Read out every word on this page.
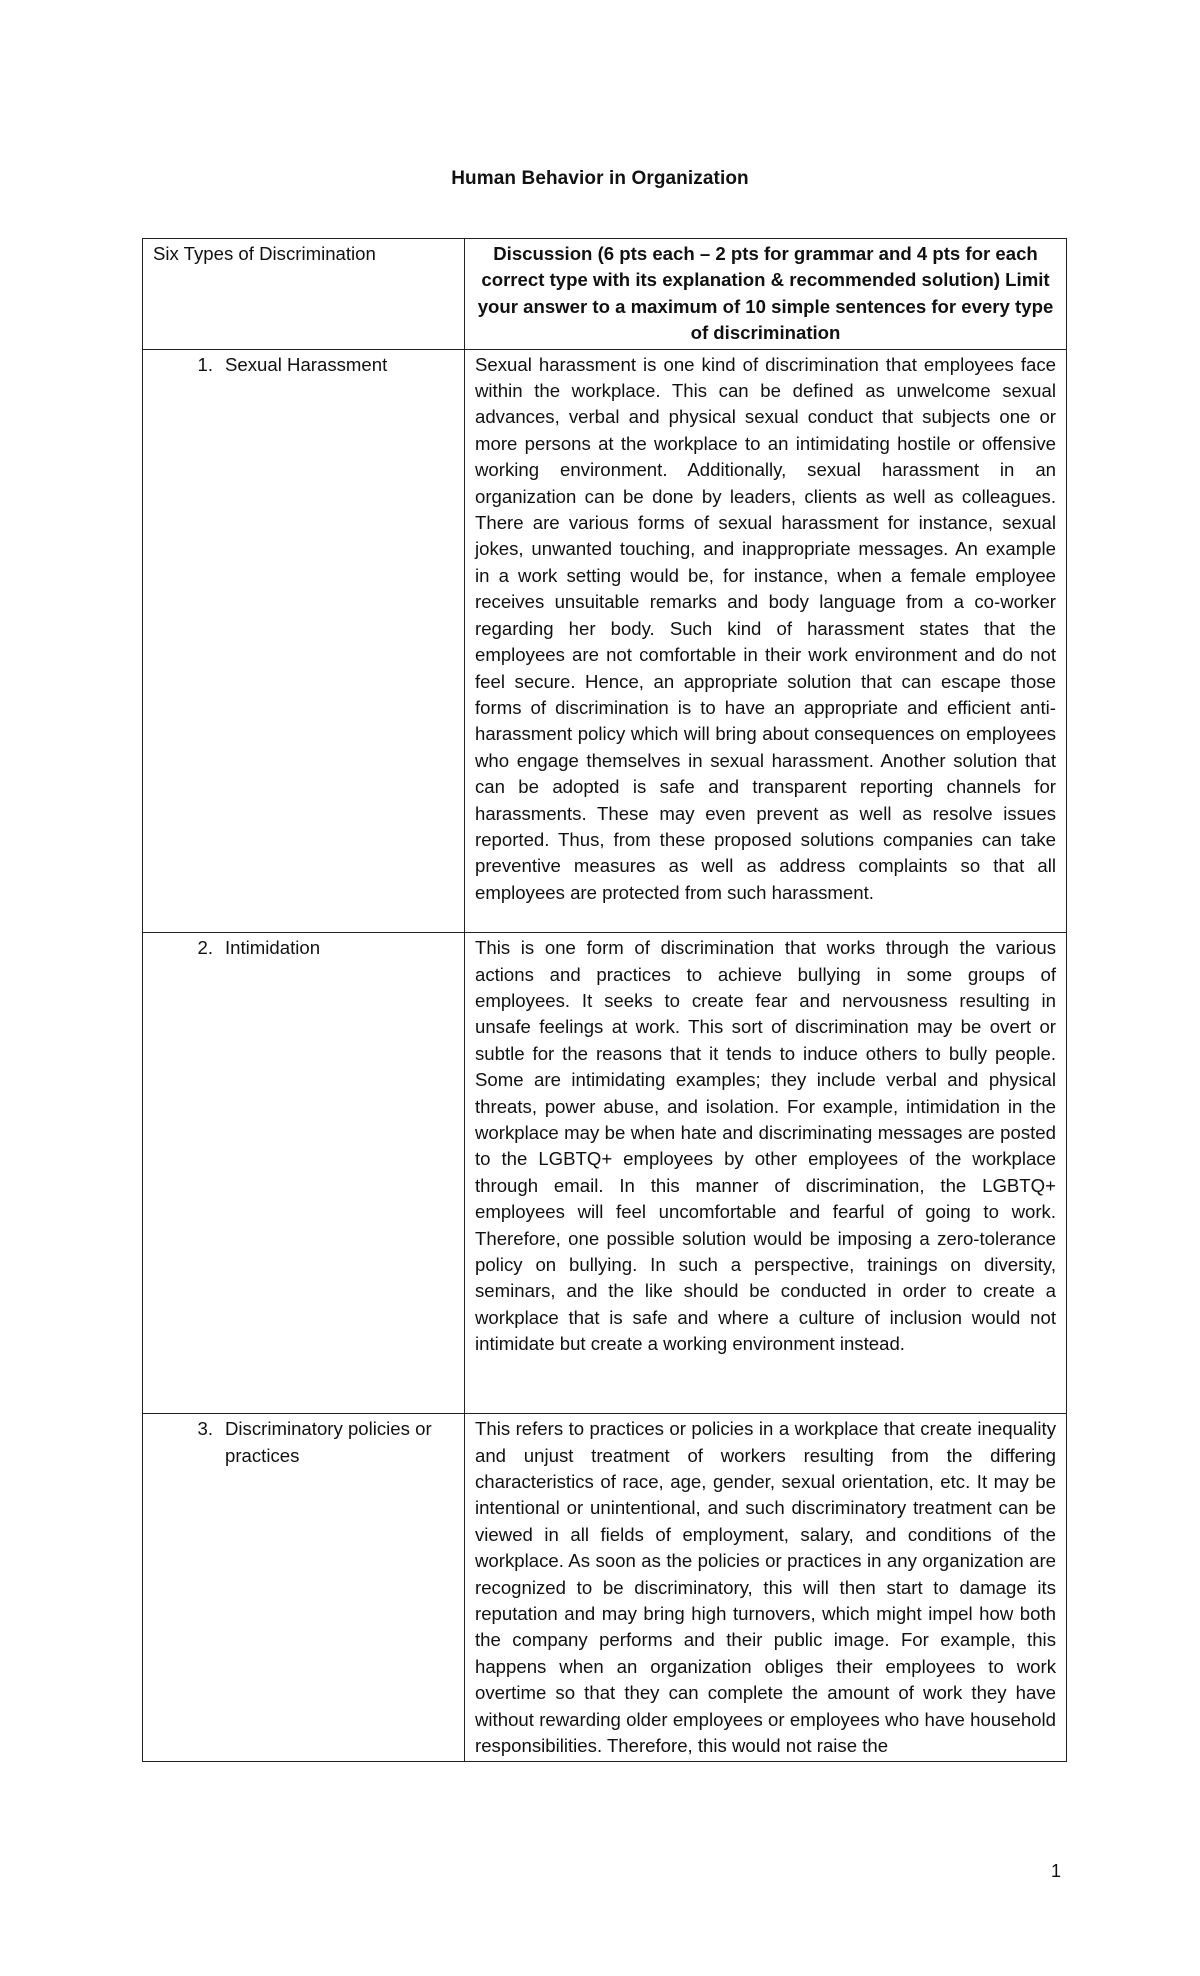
Human Behavior in Organization
Six Types of Discrimination	Discussion (6 pts each – 2 pts for grammar and 4 pts for each correct type with its explanation & recommended solution) Limit your answer to a maximum of 10 simple sentences for every type of discrimination

1. Sexual Harassment	Sexual harassment is one kind of discrimination that employees face within the workplace. This can be defined as unwelcome sexual advances, verbal and physical sexual conduct that subjects one or more persons at the workplace to an intimidating hostile or offensive working environment. Additionally, sexual harassment in an organization can be done by leaders, clients as well as colleagues. There are various forms of sexual harassment for instance, sexual jokes, unwanted touching, and inappropriate messages. An example in a work setting would be, for instance, when a female employee receives unsuitable remarks and body language from a co-worker regarding her body. Such kind of harassment states that the employees are not comfortable in their work environment and do not feel secure. Hence, an appropriate solution that can escape those forms of discrimination is to have an appropriate and efficient anti-harassment policy which will bring about consequences on employees who engage themselves in sexual harassment. Another solution that can be adopted is safe and transparent reporting channels for harassments. These may even prevent as well as resolve issues reported. Thus, from these proposed solutions companies can take preventive measures as well as address complaints so that all employees are protected from such harassment.

2. Intimidation	This is one form of discrimination that works through the various actions and practices to achieve bullying in some groups of employees. It seeks to create fear and nervousness resulting in unsafe feelings at work. This sort of discrimination may be overt or subtle for the reasons that it tends to induce others to bully people. Some are intimidating examples; they include verbal and physical threats, power abuse, and isolation. For example, intimidation in the workplace may be when hate and discriminating messages are posted to the LGBTQ+ employees by other employees of the workplace through email. In this manner of discrimination, the LGBTQ+ employees will feel uncomfortable and fearful of going to work. Therefore, one possible solution would be imposing a zero-tolerance policy on bullying. In such a perspective, trainings on diversity, seminars, and the like should be conducted in order to create a workplace that is safe and where a culture of inclusion would not intimidate but create a working environment instead.

3. Discriminatory policies or practices	This refers to practices or policies in a workplace that create inequality and unjust treatment of workers resulting from the differing characteristics of race, age, gender, sexual orientation, etc. It may be intentional or unintentional, and such discriminatory treatment can be viewed in all fields of employment, salary, and conditions of the workplace. As soon as the policies or practices in any organization are recognized to be discriminatory, this will then start to damage its reputation and may bring high turnovers, which might impel how both the company performs and their public image. For example, this happens when an organization obliges their employees to work overtime so that they can complete the amount of work they have without rewarding older employees or employees who have household responsibilities. Therefore, this would not raise the
1
